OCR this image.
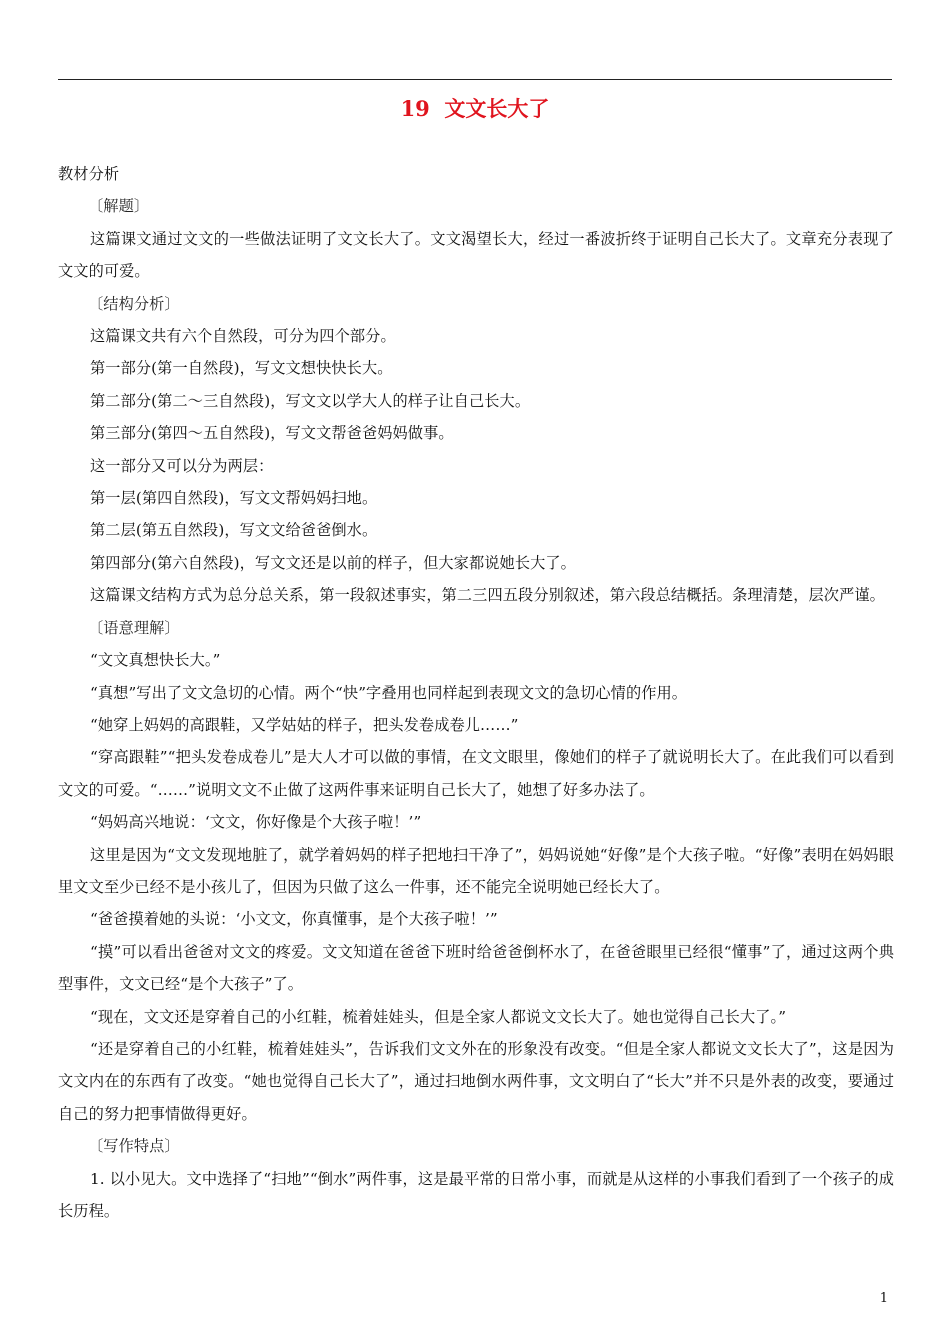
19 文文长大了

教材分析

〔解题〕

这篇课文通过文文的一些做法证明了文文长大了。文文渴望长大，经过一番波折终于证明自己长大了。文章充分表现了文文的可爱。

〔结构分析〕

这篇课文共有六个自然段，可分为四个部分。

第一部分(第一自然段)，写文文想快快长大。

第二部分(第二～三自然段)，写文文以学大人的样子让自己长大。

第三部分(第四～五自然段)，写文文帮爸爸妈妈做事。

这一部分又可以分为两层：

第一层(第四自然段)，写文文帮妈妈扫地。

第二层(第五自然段)，写文文给爸爸倒水。

第四部分(第六自然段)，写文文还是以前的样子，但大家都说她长大了。

这篇课文结构方式为总分总关系，第一段叙述事实，第二三四五段分别叙述，第六段总结概括。条理清楚，层次严谨。

〔语意理解〕

“文文真想快长大。”

“真想”写出了文文急切的心情。两个“快”字叠用也同样起到表现文文的急切心情的作用。

“她穿上妈妈的高跟鞋，又学姑姑的样子，把头发卷成卷儿……”

“穿高跟鞋”“把头发卷成卷儿”是大人才可以做的事情，在文文眼里，像她们的样子了就说明长大了。在此我们可以看到文文的可爱。“……”说明文文不止做了这两件事来证明自己长大了，她想了好多办法了。

“妈妈高兴地说：‘文文，你好像是个大孩子啦！’”

这里是因为“文文发现地脏了，就学着妈妈的样子把地扫干净了”，妈妈说她“好像”是个大孩子啦。“好像”表明在妈妈眼里文文至少已经不是小孩儿了，但因为只做了这么一件事，还不能完全说明她已经长大了。

“爸爸摸着她的头说：‘小文文，你真懂事，是个大孩子啦！’”

“摸”可以看出爸爸对文文的疼爱。文文知道在爸爸下班时给爸爸倒杯水了，在爸爸眼里已经很“懂事”了，通过这两个典型事件，文文已经“是个大孩子”了。

“现在，文文还是穿着自己的小红鞋，梳着娃娃头，但是全家人都说文文长大了。她也觉得自己长大了。”

“还是穿着自己的小红鞋，梳着娃娃头”，告诉我们文文外在的形象没有改变。“但是全家人都说文文长大了”，这是因为文文内在的东西有了改变。“她也觉得自己长大了”，通过扫地倒水两件事，文文明白了“长大”并不只是外表的改变，要通过自己的努力把事情做得更好。

〔写作特点〕

1. 以小见大。文中选择了“扫地”“倒水”两件事，这是最平常的日常小事，而就是从这样的小事我们看到了一个孩子的成长历程。

1
